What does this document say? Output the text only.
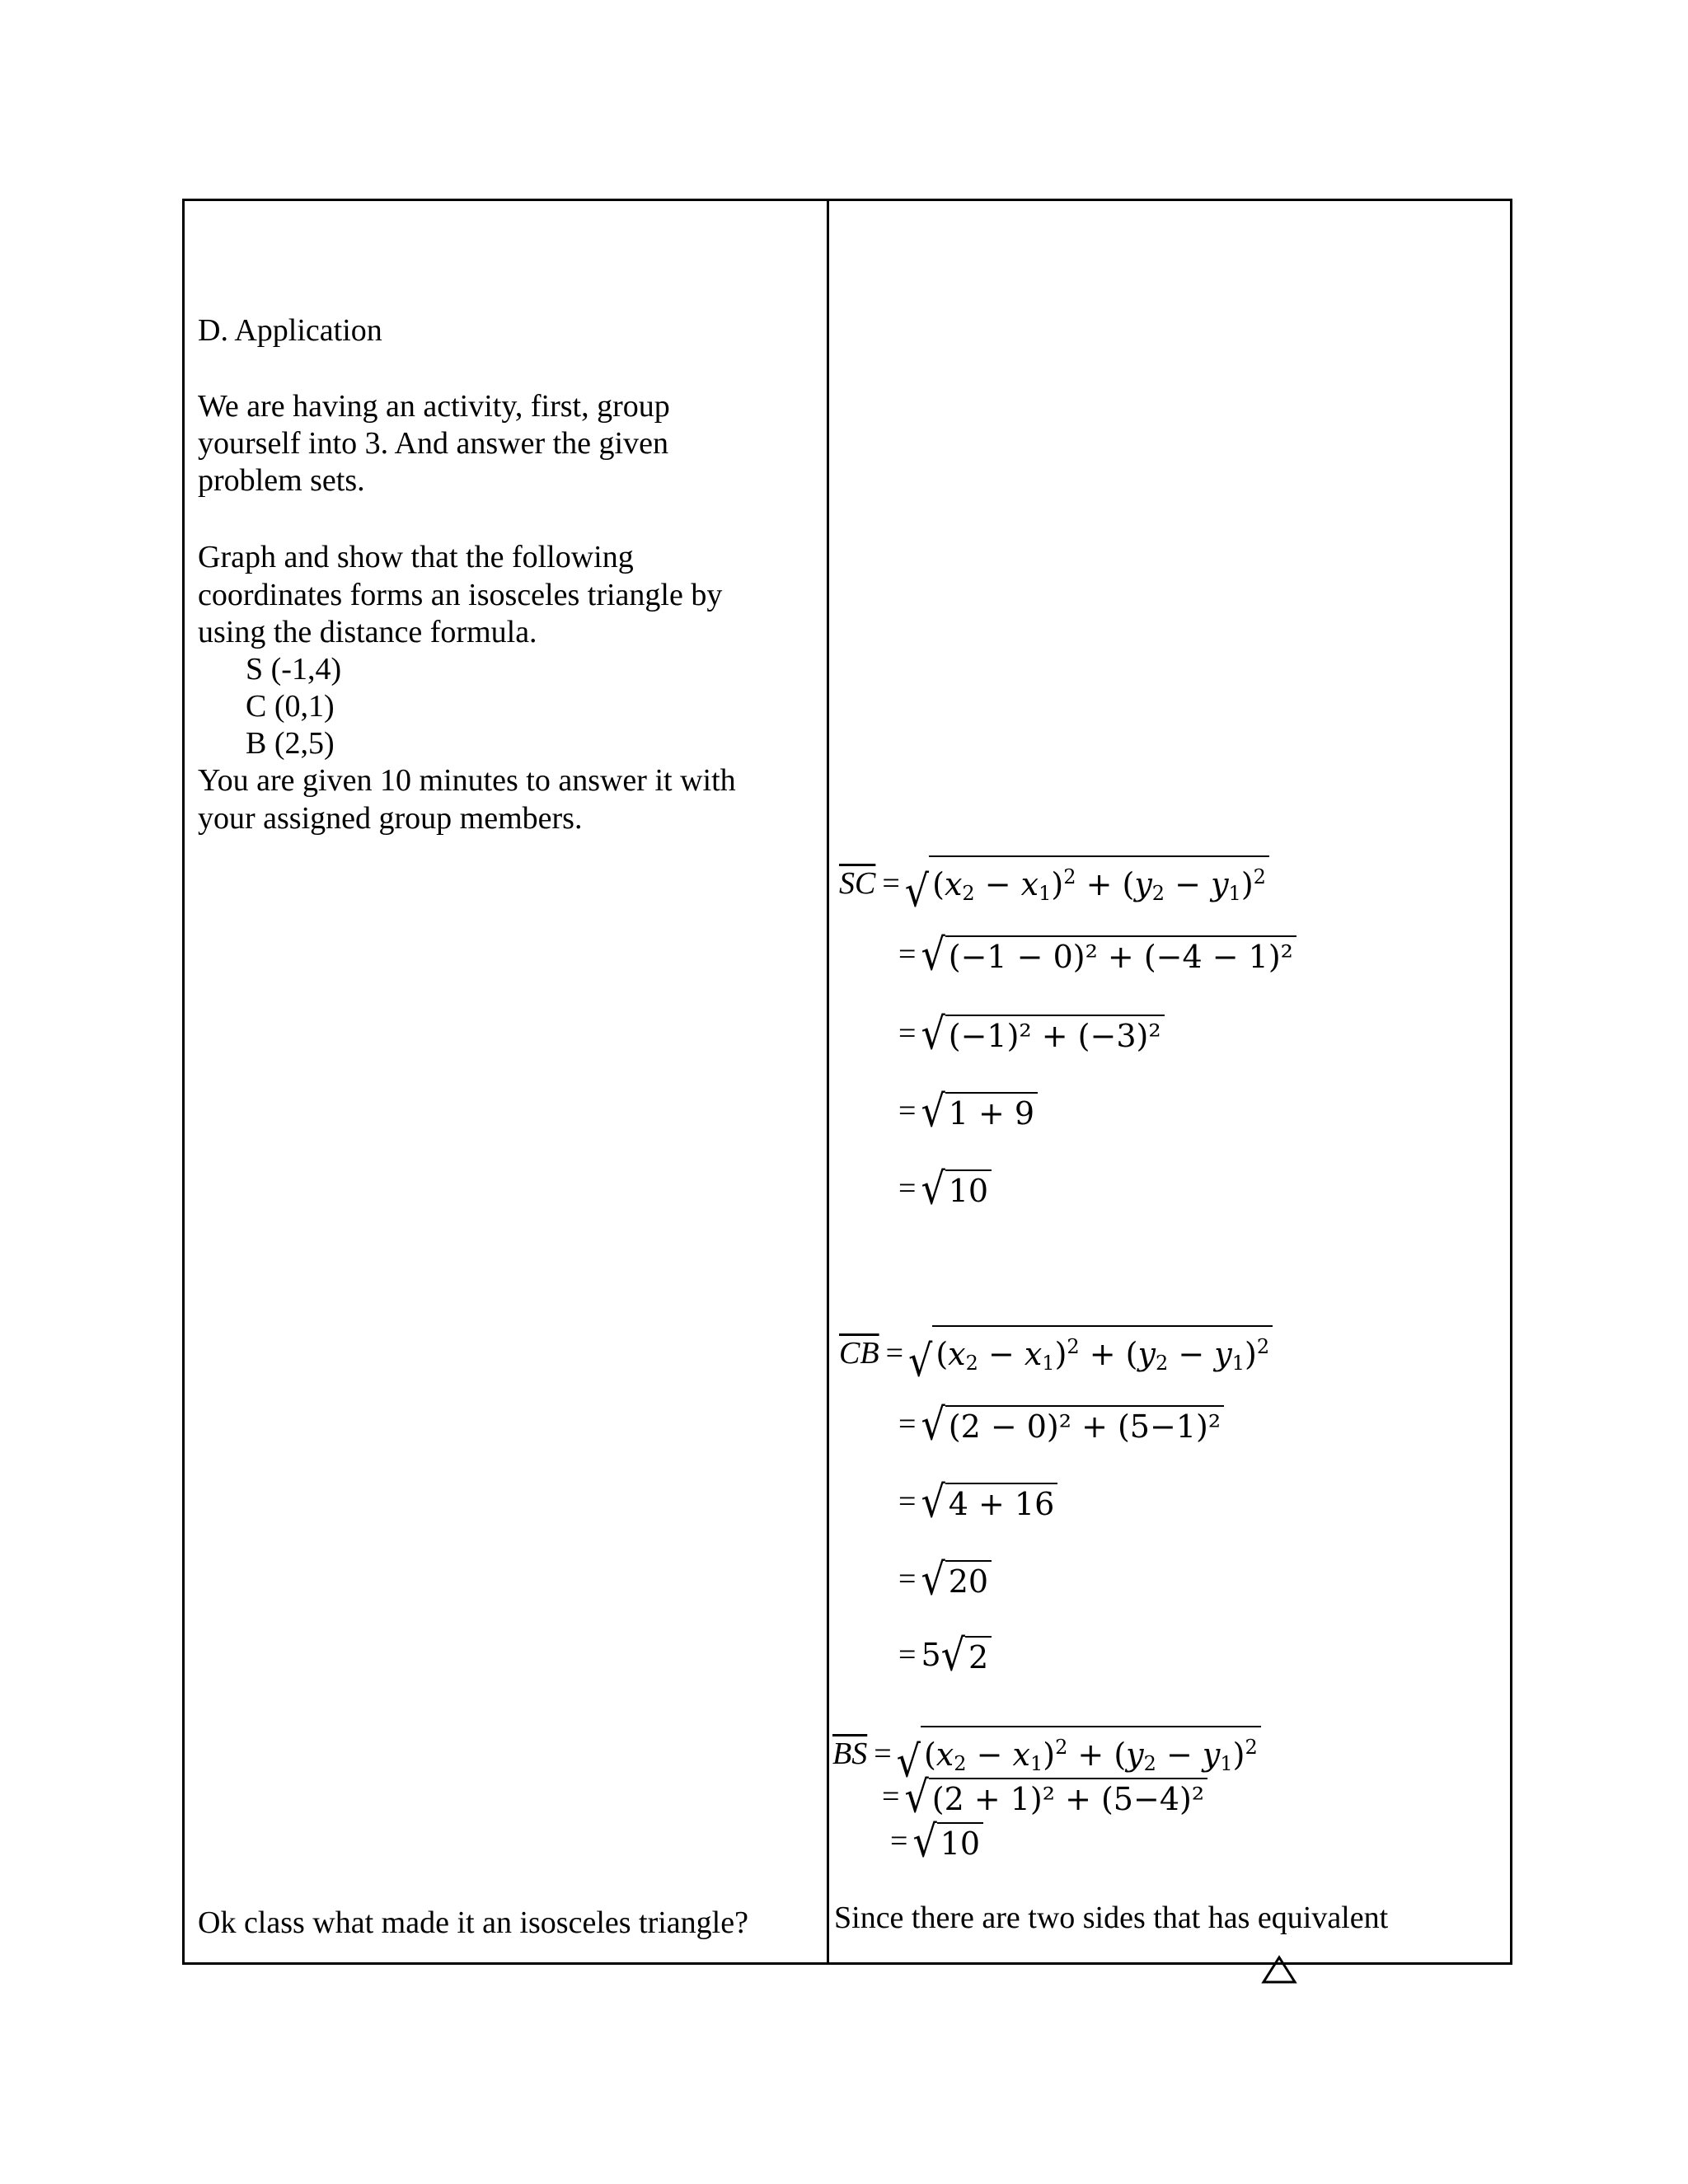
D. Application

We are having an activity, first, group

yourself into 3. And answer the given

problem sets.

Graph and show that the following

coordinates forms an isosceles triangle by

using the distance formula.

S (-1,4)

C (0,1)

B (2,5)

You are given 10 minutes to answer it with

your assigned group members.

Ok class what made it an isosceles triangle?
$\overline{SC}$ = √ $(x_2 - x_1)^2 + (y_2 - y_1)^2$
= √ (−1 − 0)² + (−4 − 1)²
= √ (−1)² + (−3)²
= √ 1 + 9
= √ 10
$\overline{CB}$ = √ $(x_2 - x_1)^2 + (y_2 - y_1)^2$
= √ (2 − 0)² + (5−1)²
= √ 4 + 16
= √ 20
= 5 √ 2
$\overline{BS}$ = √ $(x_2 - x_1)^2 + (y_2 - y_1)^2$
= √ (2 + 1)² + (5−4)²
= √ 10
Since there are two sides that has equivalent
